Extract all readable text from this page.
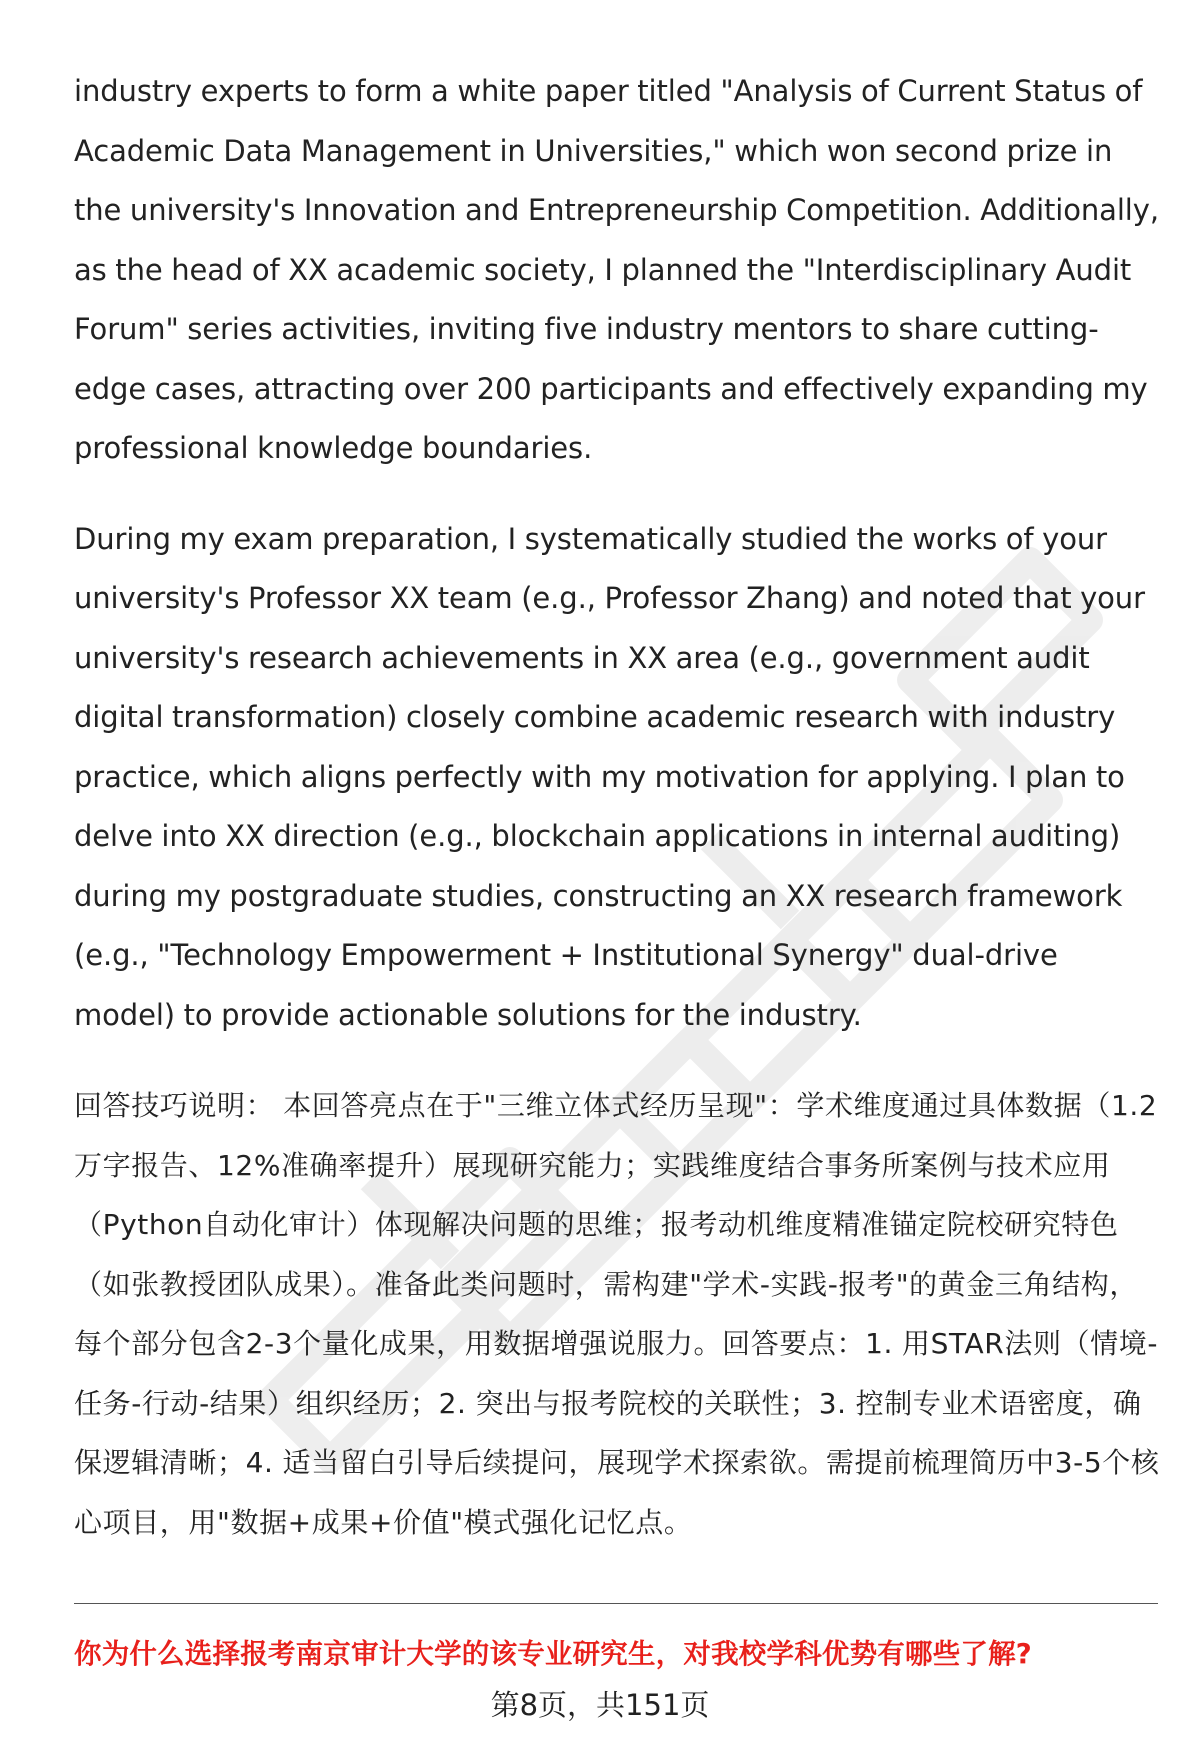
industry experts to form a white paper titled "Analysis of Current Status of Academic Data Management in Universities," which won second prize in the university's Innovation and Entrepreneurship Competition. Additionally, as the head of XX academic society, I planned the "Interdisciplinary Audit Forum" series activities, inviting five industry mentors to share cutting-edge cases, attracting over 200 participants and effectively expanding my professional knowledge boundaries.

During my exam preparation, I systematically studied the works of your university's Professor XX team (e.g., Professor Zhang) and noted that your university's research achievements in XX area (e.g., government audit digital transformation) closely combine academic research with industry practice, which aligns perfectly with my motivation for applying. I plan to delve into XX direction (e.g., blockchain applications in internal auditing) during my postgraduate studies, constructing an XX research framework (e.g., "Technology Empowerment + Institutional Synergy" dual-drive model) to provide actionable solutions for the industry.

回答技巧说明： 本回答亮点在于"三维立体式经历呈现"：学术维度通过具体数据（1.2万字报告、12%准确率提升）展现研究能力；实践维度结合事务所案例与技术应用（Python自动化审计）体现解决问题的思维；报考动机维度精准锚定院校研究特色（如张教授团队成果）。准备此类问题时，需构建"学术-实践-报考"的黄金三角结构，每个部分包含2-3个量化成果，用数据增强说服力。回答要点：1. 用STAR法则（情境-任务-行动-结果）组织经历；2. 突出与报考院校的关联性；3. 控制专业术语密度，确保逻辑清晰；4. 适当留白引导后续提问，展现学术探索欲。需提前梳理简历中3-5个核心项目，用"数据+成果+价值"模式强化记忆点。

你为什么选择报考南京审计大学的该专业研究生，对我校学科优势有哪些了解?
第8页，共151页
